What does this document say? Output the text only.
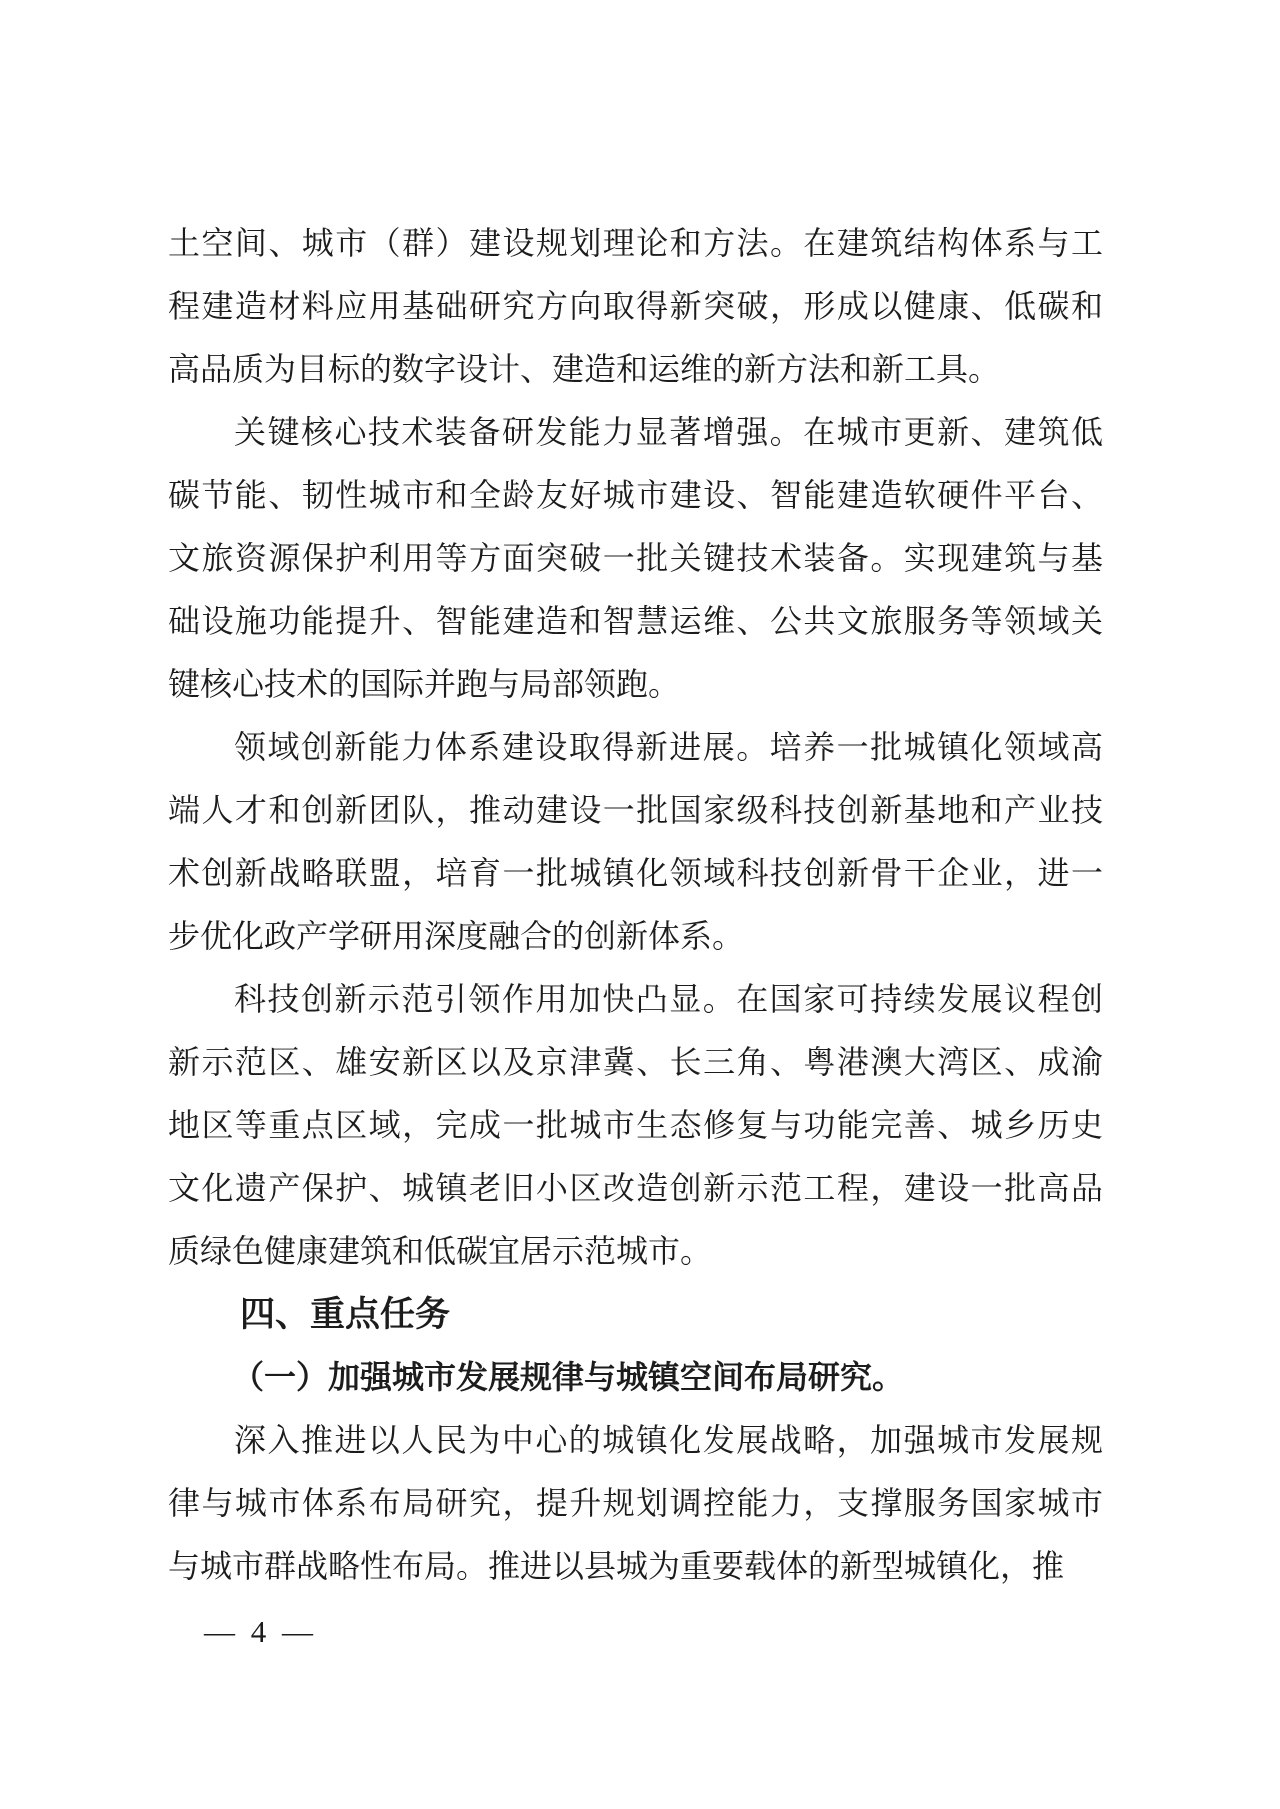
土空间、城市（群）建设规划理论和方法。在建筑结构体系与工
程建造材料应用基础研究方向取得新突破，形成以健康、低碳和
高品质为目标的数字设计、建造和运维的新方法和新工具。
关键核心技术装备研发能力显著增强。在城市更新、建筑低
碳节能、韧性城市和全龄友好城市建设、智能建造软硬件平台、
文旅资源保护利用等方面突破一批关键技术装备。实现建筑与基
础设施功能提升、智能建造和智慧运维、公共文旅服务等领域关
键核心技术的国际并跑与局部领跑。
领域创新能力体系建设取得新进展。培养一批城镇化领域高
端人才和创新团队，推动建设一批国家级科技创新基地和产业技
术创新战略联盟，培育一批城镇化领域科技创新骨干企业，进一
步优化政产学研用深度融合的创新体系。
科技创新示范引领作用加快凸显。在国家可持续发展议程创
新示范区、雄安新区以及京津冀、长三角、粤港澳大湾区、成渝
地区等重点区域，完成一批城市生态修复与功能完善、城乡历史
文化遗产保护、城镇老旧小区改造创新示范工程，建设一批高品
质绿色健康建筑和低碳宜居示范城市。
四、重点任务
（一）加强城市发展规律与城镇空间布局研究。
深入推进以人民为中心的城镇化发展战略，加强城市发展规
律与城市体系布局研究，提升规划调控能力，支撑服务国家城市
与城市群战略性布局。推进以县城为重要载体的新型城镇化，推
— 4 —
